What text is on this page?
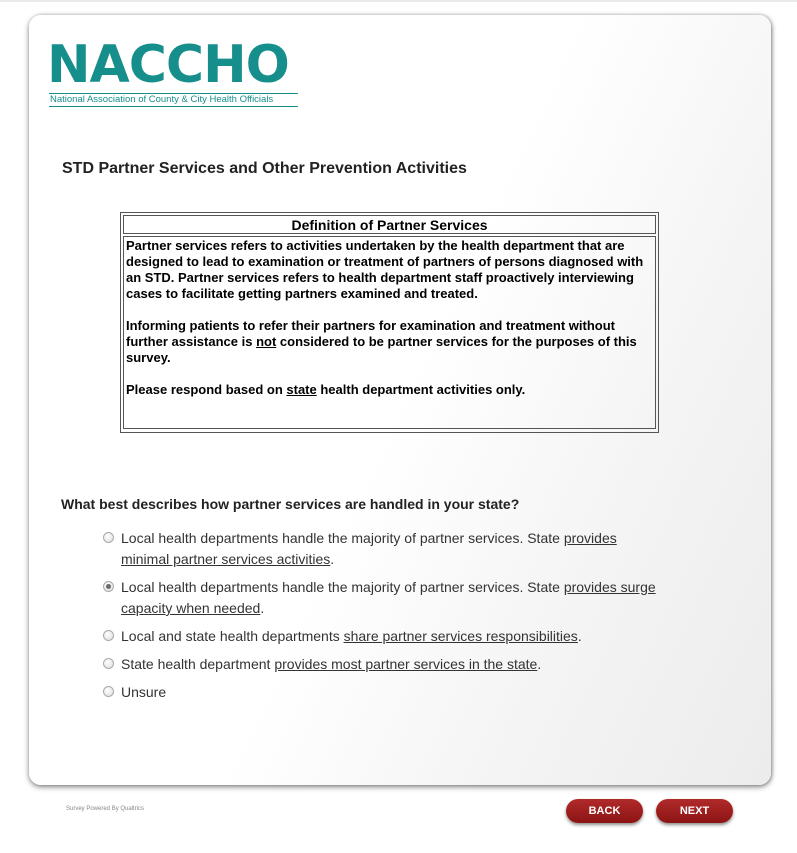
NACCHO
National Association of County & City Health Officials
STD Partner Services and Other Prevention Activities
Definition of Partner Services

Partner services refers to activities undertaken by the health department that are designed to lead to examination or treatment of partners of persons diagnosed with an STD. Partner services refers to health department staff proactively interviewing cases to facilitate getting partners examined and treated.

Informing patients to refer their partners for examination and treatment without further assistance is not considered to be partner services for the purposes of this survey.

Please respond based on state health department activities only.

What best describes how partner services are handled in your state?
Local health departments handle the majority of partner services. State provides minimal partner services activities.
Local health departments handle the majority of partner services. State provides surge capacity when needed.
Local and state health departments share partner services responsibilities.
State health department provides most partner services in the state.
Unsure
Survey Powered By Qualtrics	BACK	NEXT
